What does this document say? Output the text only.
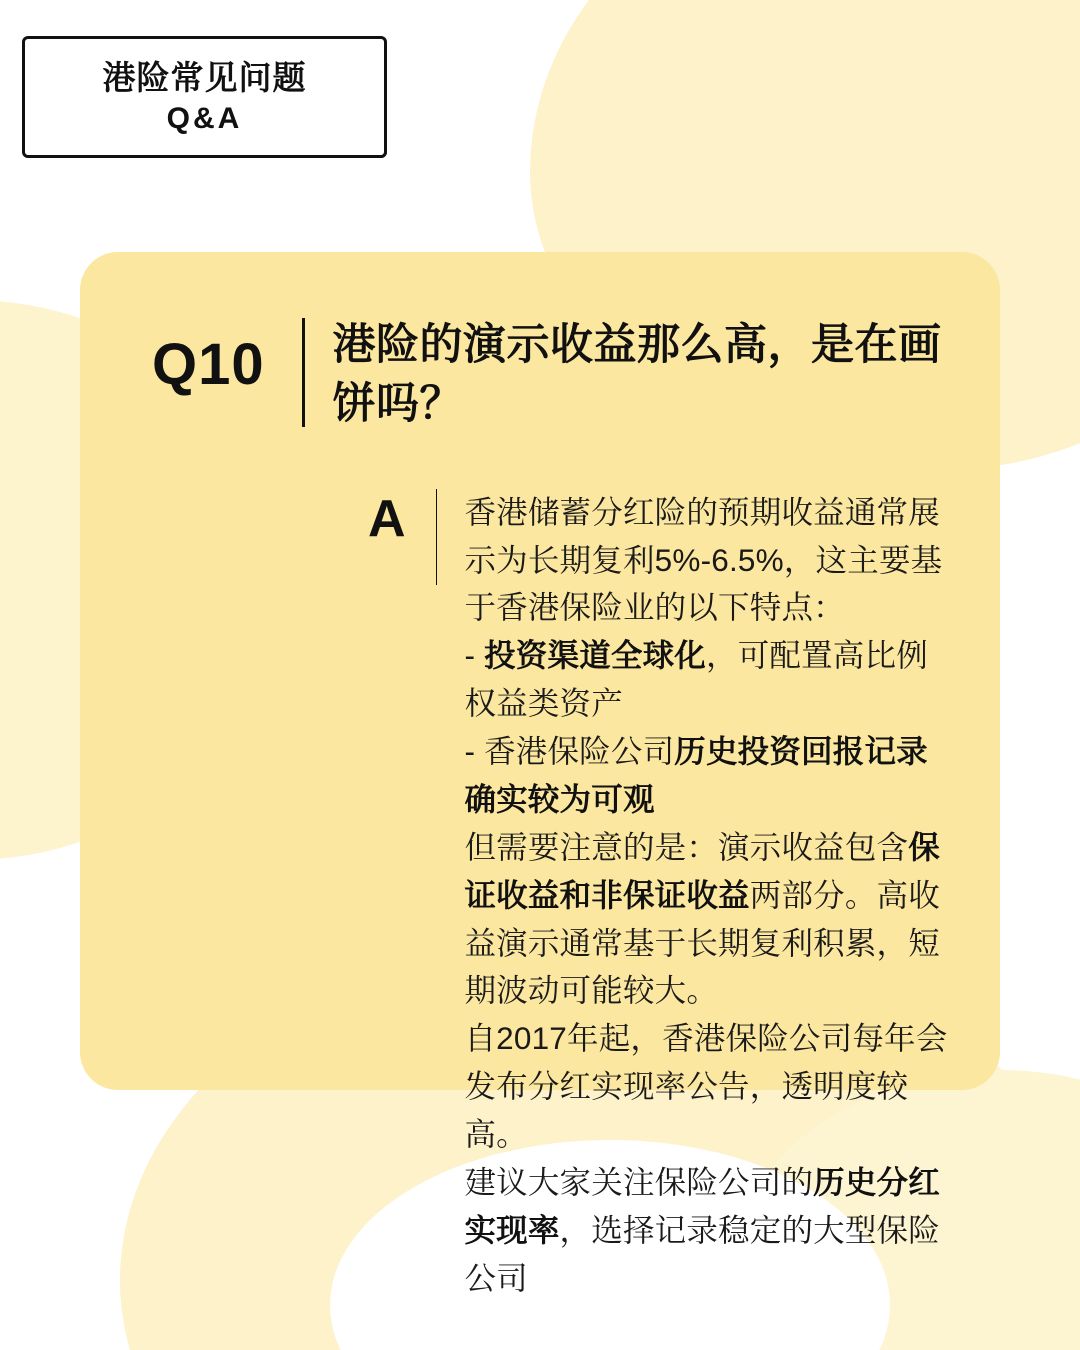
港险常见问题
Q&A
Q10	港险的演示收益那么高，是在画饼吗？
A	香港储蓄分红险的预期收益通常展示为长期复利5%-6.5%，这主要基于香港保险业的以下特点：
- 投资渠道全球化，可配置高比例权益类资产
- 香港保险公司历史投资回报记录确实较为可观
但需要注意的是：演示收益包含保证收益和非保证收益两部分。高收益演示通常基于长期复利积累，短期波动可能较大。
自2017年起，香港保险公司每年会发布分红实现率公告，透明度较高。
建议大家关注保险公司的历史分红实现率，选择记录稳定的大型保险公司
